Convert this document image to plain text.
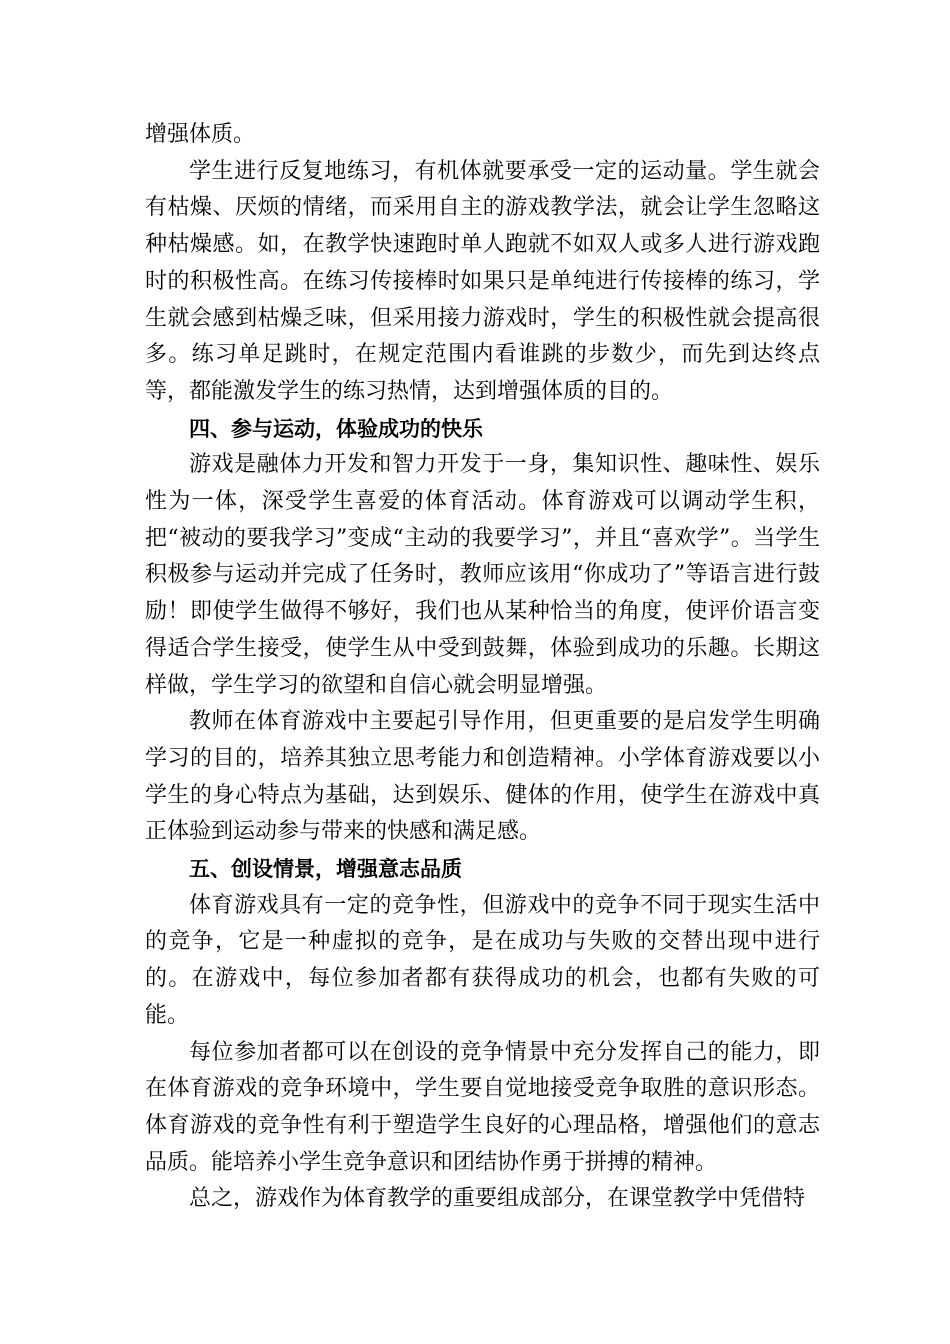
增强体质。

学生进行反复地练习，有机体就要承受一定的运动量。学生就会有枯燥、厌烦的情绪，而采用自主的游戏教学法，就会让学生忽略这种枯燥感。如，在教学快速跑时单人跑就不如双人或多人进行游戏跑时的积极性高。在练习传接棒时如果只是单纯进行传接棒的练习，学生就会感到枯燥乏味，但采用接力游戏时，学生的积极性就会提高很多。练习单足跳时，在规定范围内看谁跳的步数少，而先到达终点等，都能激发学生的练习热情，达到增强体质的目的。

四、参与运动，体验成功的快乐

游戏是融体力开发和智力开发于一身，集知识性、趣味性、娱乐性为一体，深受学生喜爱的体育活动。体育游戏可以调动学生积，把“被动的要我学习”变成“主动的我要学习”，并且“喜欢学”。当学生积极参与运动并完成了任务时，教师应该用“你成功了”等语言进行鼓励！即使学生做得不够好，我们也从某种恰当的角度，使评价语言变得适合学生接受，使学生从中受到鼓舞，体验到成功的乐趣。长期这样做，学生学习的欲望和自信心就会明显增强。

教师在体育游戏中主要起引导作用，但更重要的是启发学生明确学习的目的，培养其独立思考能力和创造精神。小学体育游戏要以小学生的身心特点为基础，达到娱乐、健体的作用，使学生在游戏中真正体验到运动参与带来的快感和满足感。

五、创设情景，增强意志品质

体育游戏具有一定的竞争性，但游戏中的竞争不同于现实生活中的竞争，它是一种虚拟的竞争，是在成功与失败的交替出现中进行的。在游戏中，每位参加者都有获得成功的机会，也都有失败的可能。

每位参加者都可以在创设的竞争情景中充分发挥自己的能力，即在体育游戏的竞争环境中，学生要自觉地接受竞争取胜的意识形态。体育游戏的竞争性有利于塑造学生良好的心理品格，增强他们的意志品质。能培养小学生竞争意识和团结协作勇于拼搏的精神。

总之，游戏作为体育教学的重要组成部分，在课堂教学中凭借特
